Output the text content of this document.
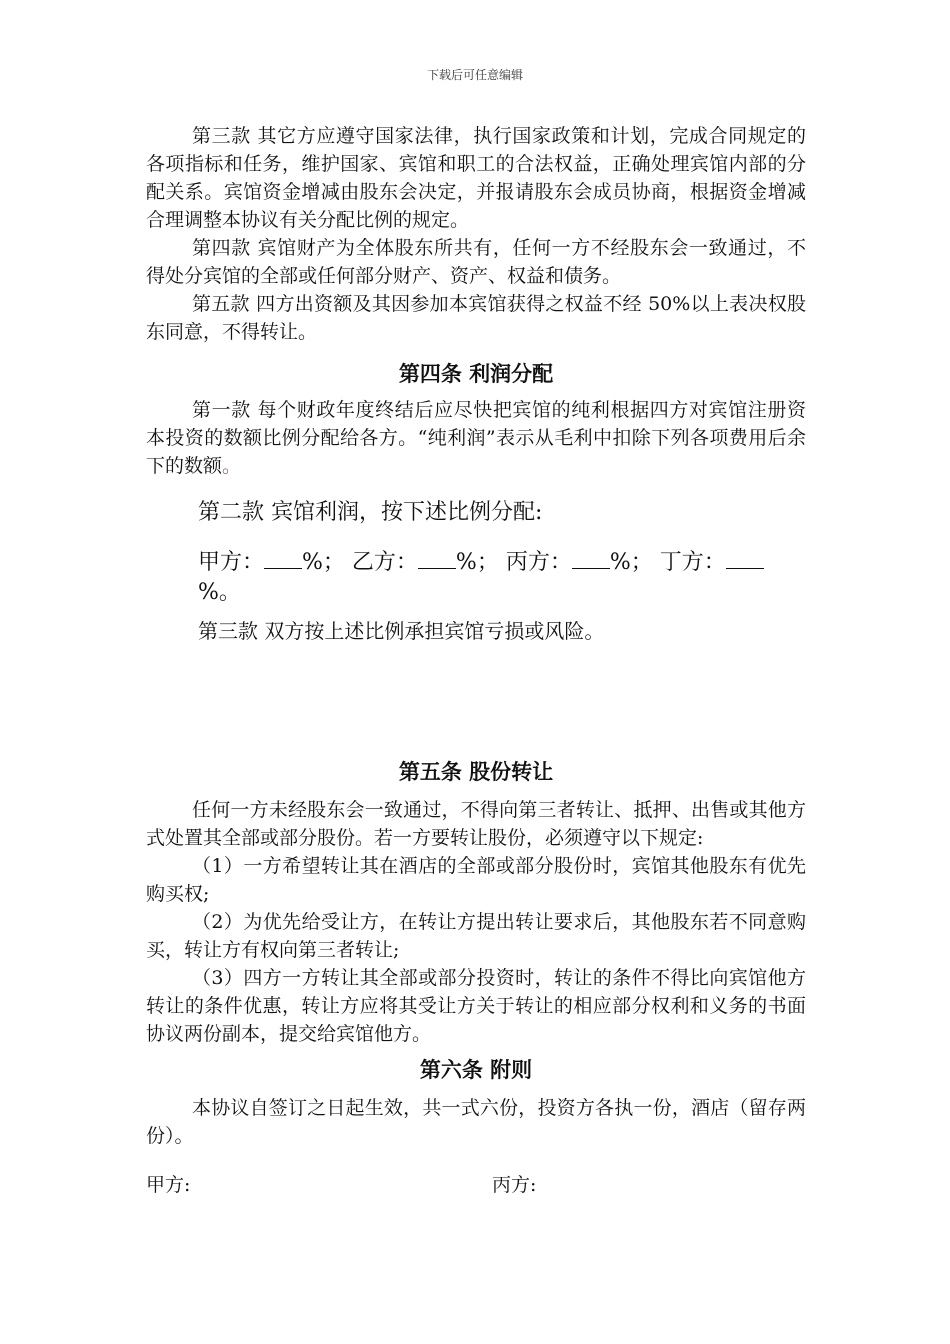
下载后可任意编辑

第三款 其它方应遵守国家法律，执行国家政策和计划，完成合同规定的各项指标和任务，维护国家、宾馆和职工的合法权益，正确处理宾馆内部的分配关系。宾馆资金增减由股东会决定，并报请股东会成员协商，根据资金增减合理调整本协议有关分配比例的规定。

第四款 宾馆财产为全体股东所共有，任何一方不经股东会一致通过，不得处分宾馆的全部或任何部分财产、资产、权益和债务。

第五款 四方出资额及其因参加本宾馆获得之权益不经 50%以上表决权股东同意，不得转让。

第四条 利润分配

第一款 每个财政年度终结后应尽快把宾馆的纯利根据四方对宾馆注册资本投资的数额比例分配给各方。“纯利润”表示从毛利中扣除下列各项费用后余下的数额。

第二款 宾馆利润，按下述比例分配:

甲方： %； 乙方： %； 丙方： %； 丁方：%。

第三款 双方按上述比例承担宾馆亏损或风险。

第五条 股份转让

任何一方未经股东会一致通过，不得向第三者转让、抵押、出售或其他方式处置其全部或部分股份。若一方要转让股份，必须遵守以下规定:

（1）一方希望转让其在酒店的全部或部分股份时，宾馆其他股东有优先购买权;

（2）为优先给受让方，在转让方提出转让要求后，其他股东若不同意购买，转让方有权向第三者转让;

（3）四方一方转让其全部或部分投资时，转让的条件不得比向宾馆他方转让的条件优惠，转让方应将其受让方关于转让的相应部分权利和义务的书面协议两份副本，提交给宾馆他方。

第六条 附则

本协议自签订之日起生效，共一式六份，投资方各执一份，酒店（留存两份）。

甲方:	丙方:
